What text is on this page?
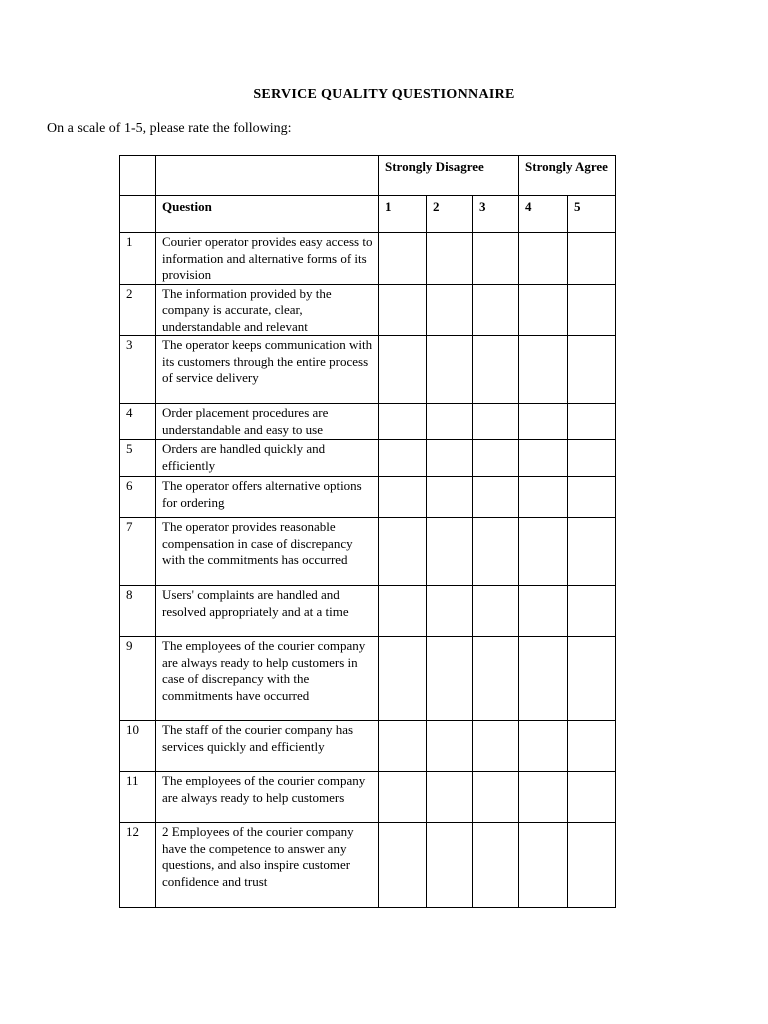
SERVICE QUALITY QUESTIONNAIRE
On a scale of 1-5, please rate the following:
		Strongly Disagree			Strongly Agree	
	Question	1	2	3	4	5
1	Courier operator provides easy access to information and alternative forms of its provision					
2	The information provided by the company is accurate, clear, understandable and relevant					
3	The operator keeps communication with its customers through the entire process of service delivery					
4	Order placement procedures are understandable and easy to use					
5	Orders are handled quickly and efficiently					
6	The operator offers alternative options for ordering					
7	The operator provides reasonable compensation in case of discrepancy with the commitments has occurred					
8	Users' complaints are handled and resolved appropriately and at a time					
9	The employees of the courier company are always ready to help customers in case of discrepancy with the commitments have occurred					
10	The staff of the courier company has services quickly and efficiently					
11	The employees of the courier company are always ready to help customers					
12	2 Employees of the courier company have the competence to answer any questions, and also inspire customer confidence and trust					
